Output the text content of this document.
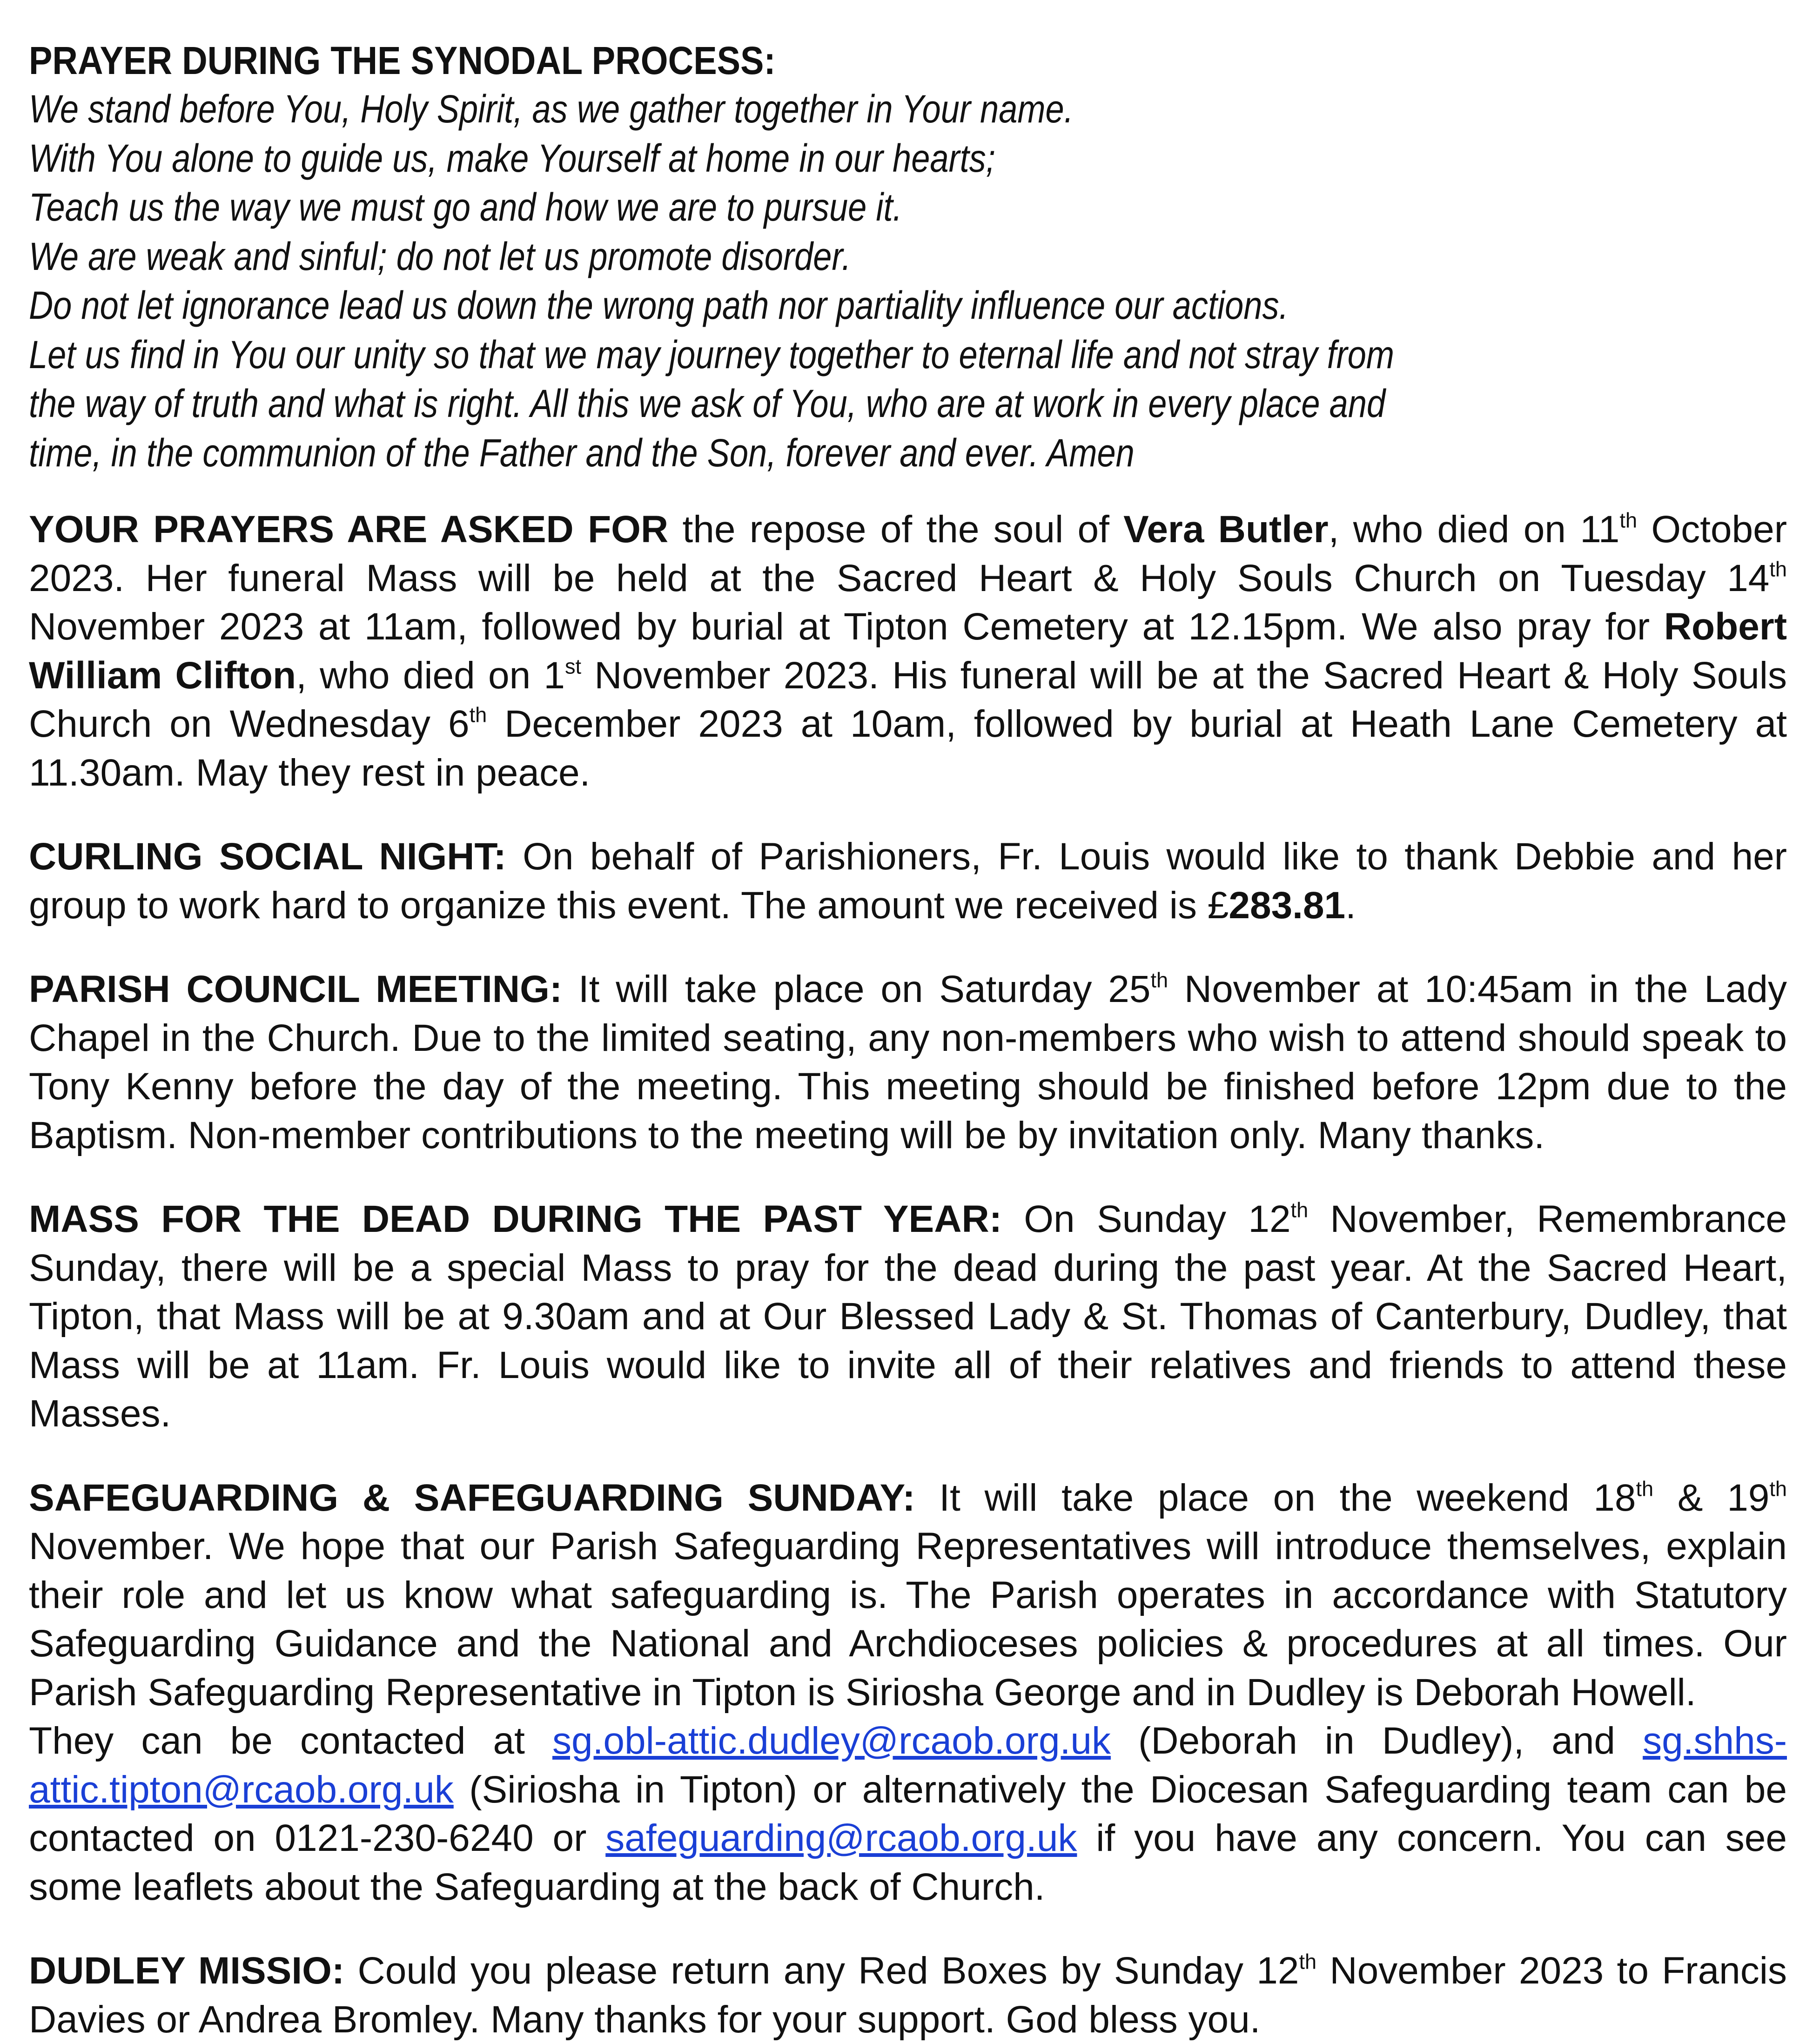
PRAYER DURING THE SYNODAL PROCESS:
We stand before You, Holy Spirit, as we gather together in Your name.
With You alone to guide us, make Yourself at home in our hearts;
Teach us the way we must go and how we are to pursue it.
We are weak and sinful; do not let us promote disorder.
Do not let ignorance lead us down the wrong path nor partiality influence our actions.
Let us find in You our unity so that we may journey together to eternal life and not stray from
the way of truth and what is right. All this we ask of You, who are at work in every place and
time, in the communion of the Father and the Son, forever and ever. Amen

YOUR PRAYERS ARE ASKED FOR the repose of the soul of Vera Butler, who died on 11th October 2023. Her funeral Mass will be held at the Sacred Heart & Holy Souls Church on Tuesday 14th November 2023 at 11am, followed by burial at Tipton Cemetery at 12.15pm. We also pray for Robert William Clifton, who died on 1st November 2023. His funeral will be at the Sacred Heart & Holy Souls Church on Wednesday 6th December 2023 at 10am, followed by burial at Heath Lane Cemetery at 11.30am. May they rest in peace.

CURLING SOCIAL NIGHT: On behalf of Parishioners, Fr. Louis would like to thank Debbie and her group to work hard to organize this event. The amount we received is £283.81.

PARISH COUNCIL MEETING: It will take place on Saturday 25th November at 10:45am in the Lady Chapel in the Church. Due to the limited seating, any non-members who wish to attend should speak to Tony Kenny before the day of the meeting. This meeting should be finished before 12pm due to the Baptism. Non-member contributions to the meeting will be by invitation only. Many thanks.

MASS FOR THE DEAD DURING THE PAST YEAR: On Sunday 12th November, Remembrance Sunday, there will be a special Mass to pray for the dead during the past year. At the Sacred Heart, Tipton, that Mass will be at 9.30am and at Our Blessed Lady & St. Thomas of Canterbury, Dudley, that Mass will be at 11am. Fr. Louis would like to invite all of their relatives and friends to attend these Masses.

SAFEGUARDING & SAFEGUARDING SUNDAY: It will take place on the weekend 18th & 19th November. We hope that our Parish Safeguarding Representatives will introduce themselves, explain their role and let us know what safeguarding is. The Parish operates in accordance with Statutory Safeguarding Guidance and the National and Archdioceses policies & procedures at all times. Our Parish Safeguarding Representative in Tipton is Siriosha George and in Dudley is Deborah Howell.
They can be contacted at sg.obl-attic.dudley@rcaob.org.uk (Deborah in Dudley), and sg.shhs-attic.tipton@rcaob.org.uk (Siriosha in Tipton) or alternatively the Diocesan Safeguarding team can be contacted on 0121-230-6240 or safeguarding@rcaob.org.uk if you have any concern. You can see some leaflets about the Safeguarding at the back of Church.

DUDLEY MISSIO: Could you please return any Red Boxes by Sunday 12th November 2023 to Francis Davies or Andrea Bromley. Many thanks for your support. God bless you.
